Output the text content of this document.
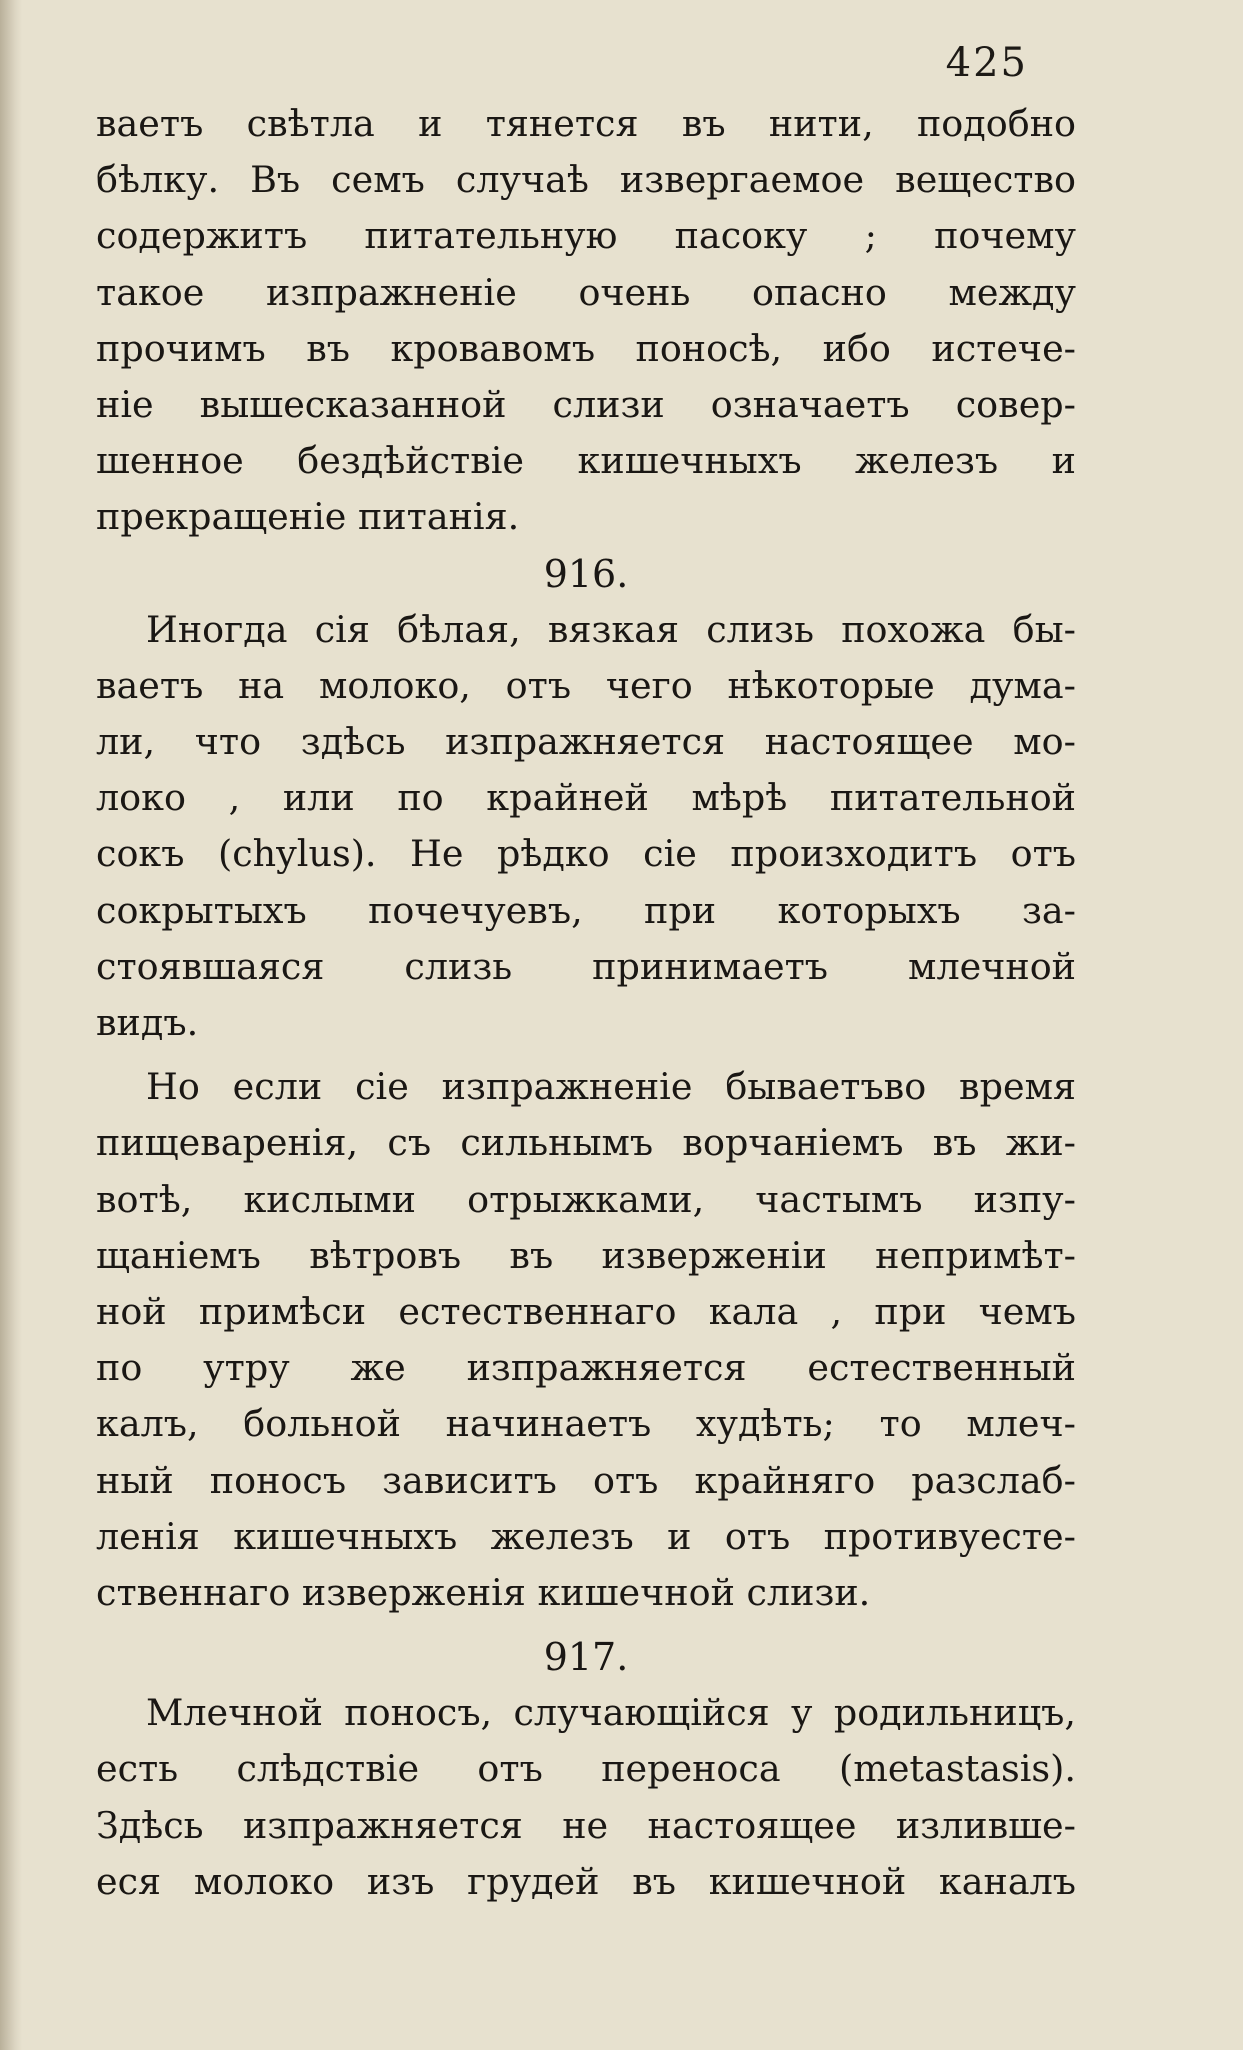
425
ваетъ свѣтла и тянется въ нити, подобно
бѣлку. Въ семъ случаѣ извергаемое вещество
содержитъ питательную пасоку ; почему
такое изпражненіе очень опасно между
прочимъ въ кровавомъ поносѣ, ибо истече-
ніе вышесказанной слизи означаетъ совер-
шенное бездѣйствіе кишечныхъ железъ и
прекращеніе питанія.
916.
Иногда сія бѣлая, вязкая слизь похожа бы-
ваетъ на молоко, отъ чего нѣкоторые дума-
ли, что здѣсь изпражняется настоящее мо-
локо , или по крайней мѣрѣ питательной
сокъ (chylus). Не рѣдко сіе произходитъ отъ
сокрытыхъ почечуевъ, при которыхъ за-
стоявшаяся слизь принимаетъ млечной
видъ.
Но если сіе изпражненіе бываетъво время
пищеваренія, съ сильнымъ ворчаніемъ въ жи-
вотѣ, кислыми отрыжками, частымъ изпу-
щаніемъ вѣтровъ въ изверженіи непримѣт-
ной примѣси естественнаго кала , при чемъ
по утру же изпражняется естественный
калъ, больной начинаетъ худѣть; то млеч-
ный поносъ зависитъ отъ крайняго разслаб-
ленія кишечныхъ железъ и отъ противуесте-
ственнаго изверженія кишечной слизи.
917.
Млечной поносъ, случающійся у родильницъ,
есть слѣдствіе отъ переноса (metastasis).
Здѣсь изпражняется не настоящее изливше-
еся молоко изъ грудей въ кишечной каналъ
